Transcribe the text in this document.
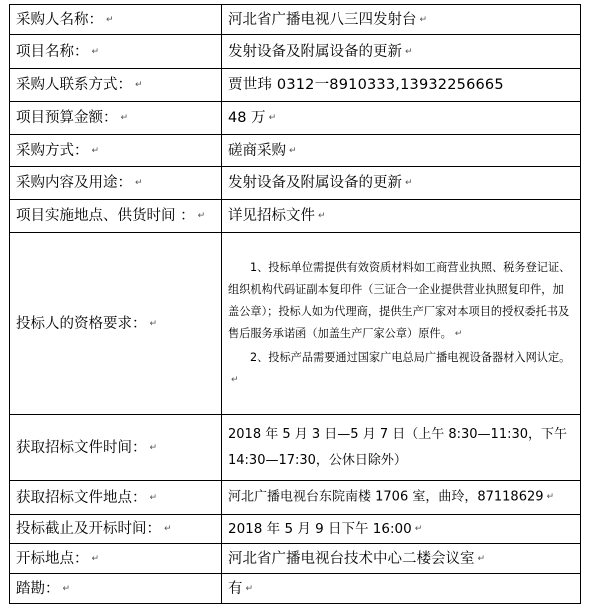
采购人名称： ↵	河北省广播电视八三四发射台 ↵
项目名称： ↵	发射设备及附属设备的更新 ↵
采购人联系方式： ↵	贾世玮 0312一8910333,13932256665
项目预算金额： ↵	48 万 ↵
采购方式： ↵	磋商采购 ↵
采购内容及用途： ↵	发射设备及附属设备的更新 ↵
项目实施地点、供货时间 ： ↵	详见招标文件 ↵
投标人的资格要求： ↵	1、投标单位需提供有效资质材料如工商营业执照、税务登记证、组织机构代码证副本复印件（三证合一企业提供营业执照复印件，加盖公章）；投标人如为代理商，提供生产厂家对本项目的授权委托书及售后服务承诺函（加盖生产厂家公章）原件。 ↵

2、投标产品需要通过国家广电总局广播电视设备器材入网认定。↵

获取招标文件时间： ↵	2018 年 5 月 3 日—5 月 7 日（上午 8:30—11:30，下午
14:30—17:30，公休日除外）

获取招标文件地点： ↵	河北广播电视台东院南楼 1706 室，曲玲，87118629 ↵
投标截止及开标时间： ↵	2018 年 5 月 9 日下午 16:00 ↵
开标地点： ↵	河北省广播电视台技术中心二楼会议室 ↵
踏勘： ↵	有 ↵
